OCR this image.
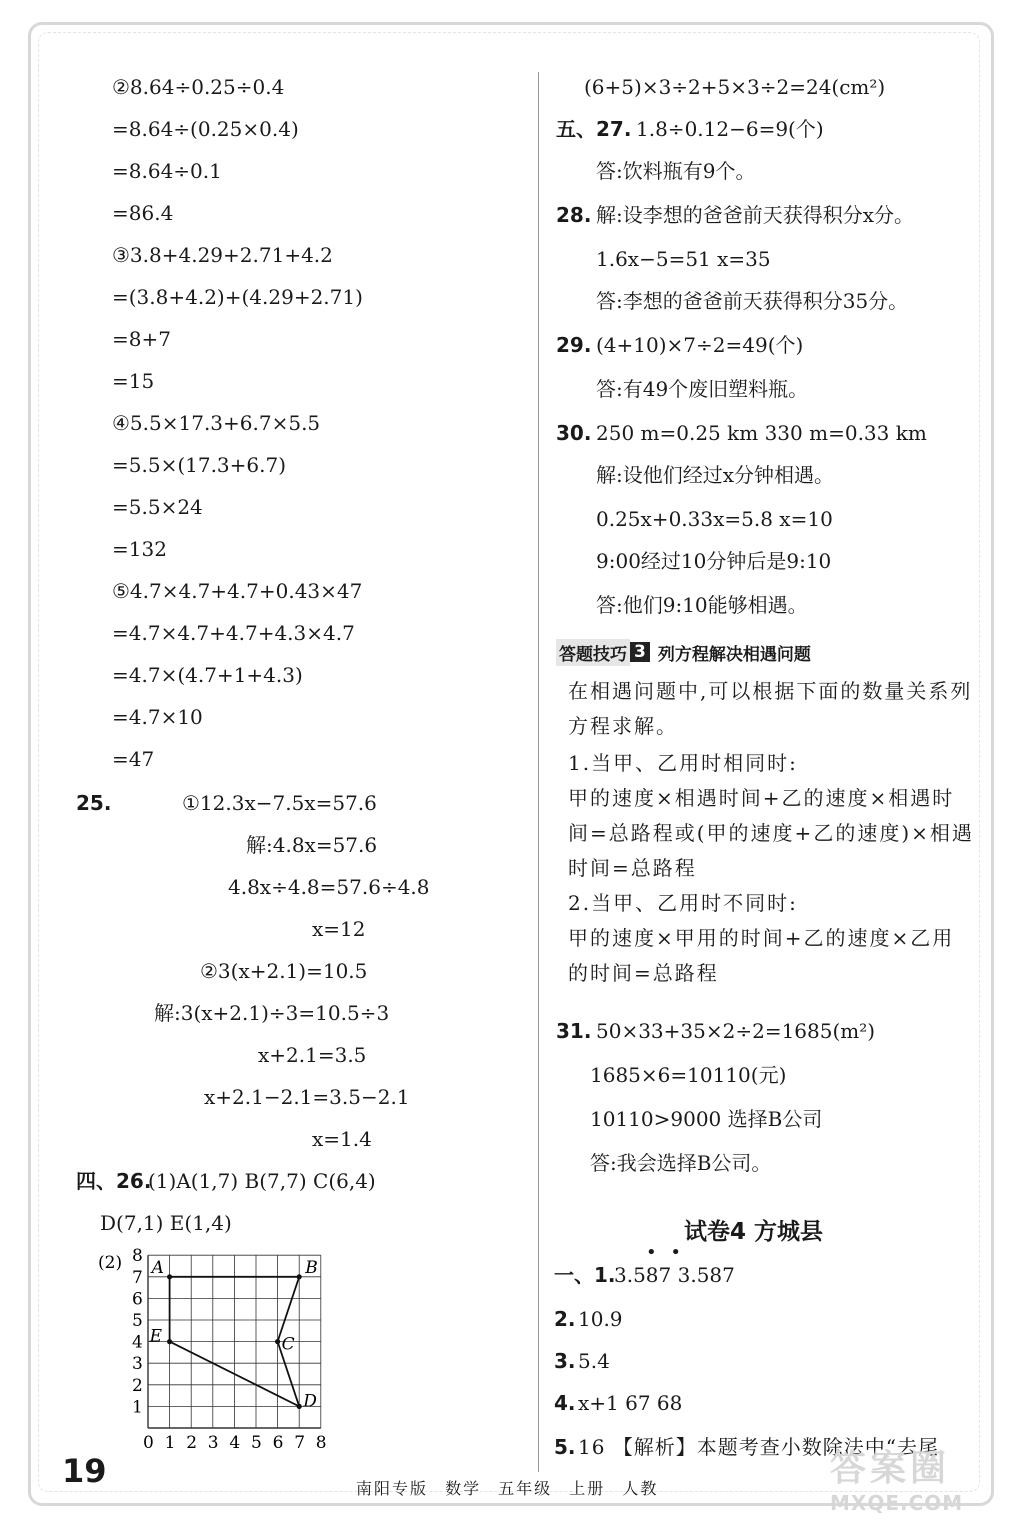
②8.64÷0.25÷0.4
=8.64÷(0.25×0.4)
=8.64÷0.1
=86.4
③3.8+4.29+2.71+4.2
=(3.8+4.2)+(4.29+2.71)
=8+7
=15
④5.5×17.3+6.7×5.5
=5.5×(17.3+6.7)
=5.5×24
=132
⑤4.7×4.7+4.7+0.43×47
=4.7×4.7+4.7+4.3×4.7
=4.7×(4.7+1+4.3)
=4.7×10
=47
25.	①12.3x−7.5x=57.6
解:4.8x=57.6
4.8x÷4.8=57.6÷4.8
x=12
②3(x+2.1)=10.5
解:3(x+2.1)÷3=10.5÷3
x+2.1=3.5
x+2.1−2.1=3.5−2.1
x=1.4
四、26.
(1)A(1,7) B(7,7) C(6,4)
D(7,1) E(1,4)
(2)
0 1 2 3 4 5 6 7 8
1
2
3
4
5
6
7
8
A	B
C
D
E
(6+5)×3÷2+5×3÷2=24(cm²)
五、27. 1.8÷0.12−6=9(个)
答:饮料瓶有9个。
28. 解:设李想的爸爸前天获得积分x分。
1.6x−5=51 x=35
答:李想的爸爸前天获得积分35分。
29. (4+10)×7÷2=49(个)
答:有49个废旧塑料瓶。
30. 250 m=0.25 km 330 m=0.33 km
解:设他们经过x分钟相遇。
0.25x+0.33x=5.8 x=10
9:00经过10分钟后是9:10
答:他们9:10能够相遇。
答题技巧 3 列方程解决相遇问题
在相遇问题中,可以根据下面的数量关系列方程求解。
1.当甲、乙用时相同时:
甲的速度×相遇时间+乙的速度×相遇时间=总路程或(甲的速度+乙的速度)×相遇时间=总路程
2.当甲、乙用时不同时:
甲的速度×甲用的时间+乙的速度×乙用的时间=总路程
31. 50×33+35×2÷2=1685(m²)
1685×6=10110(元)
10110>9000 选择B公司
答:我会选择B公司。
试卷4 方城县
一、1.
3.587 3.587
• •
2. 10.9
3. 5.4
4. x+1 67 68
5. 16 【解析】本题考查小数除法中“去尾
19	南阳专版 数学 五年级 上册 人教	答案圈
MXQE.COM
